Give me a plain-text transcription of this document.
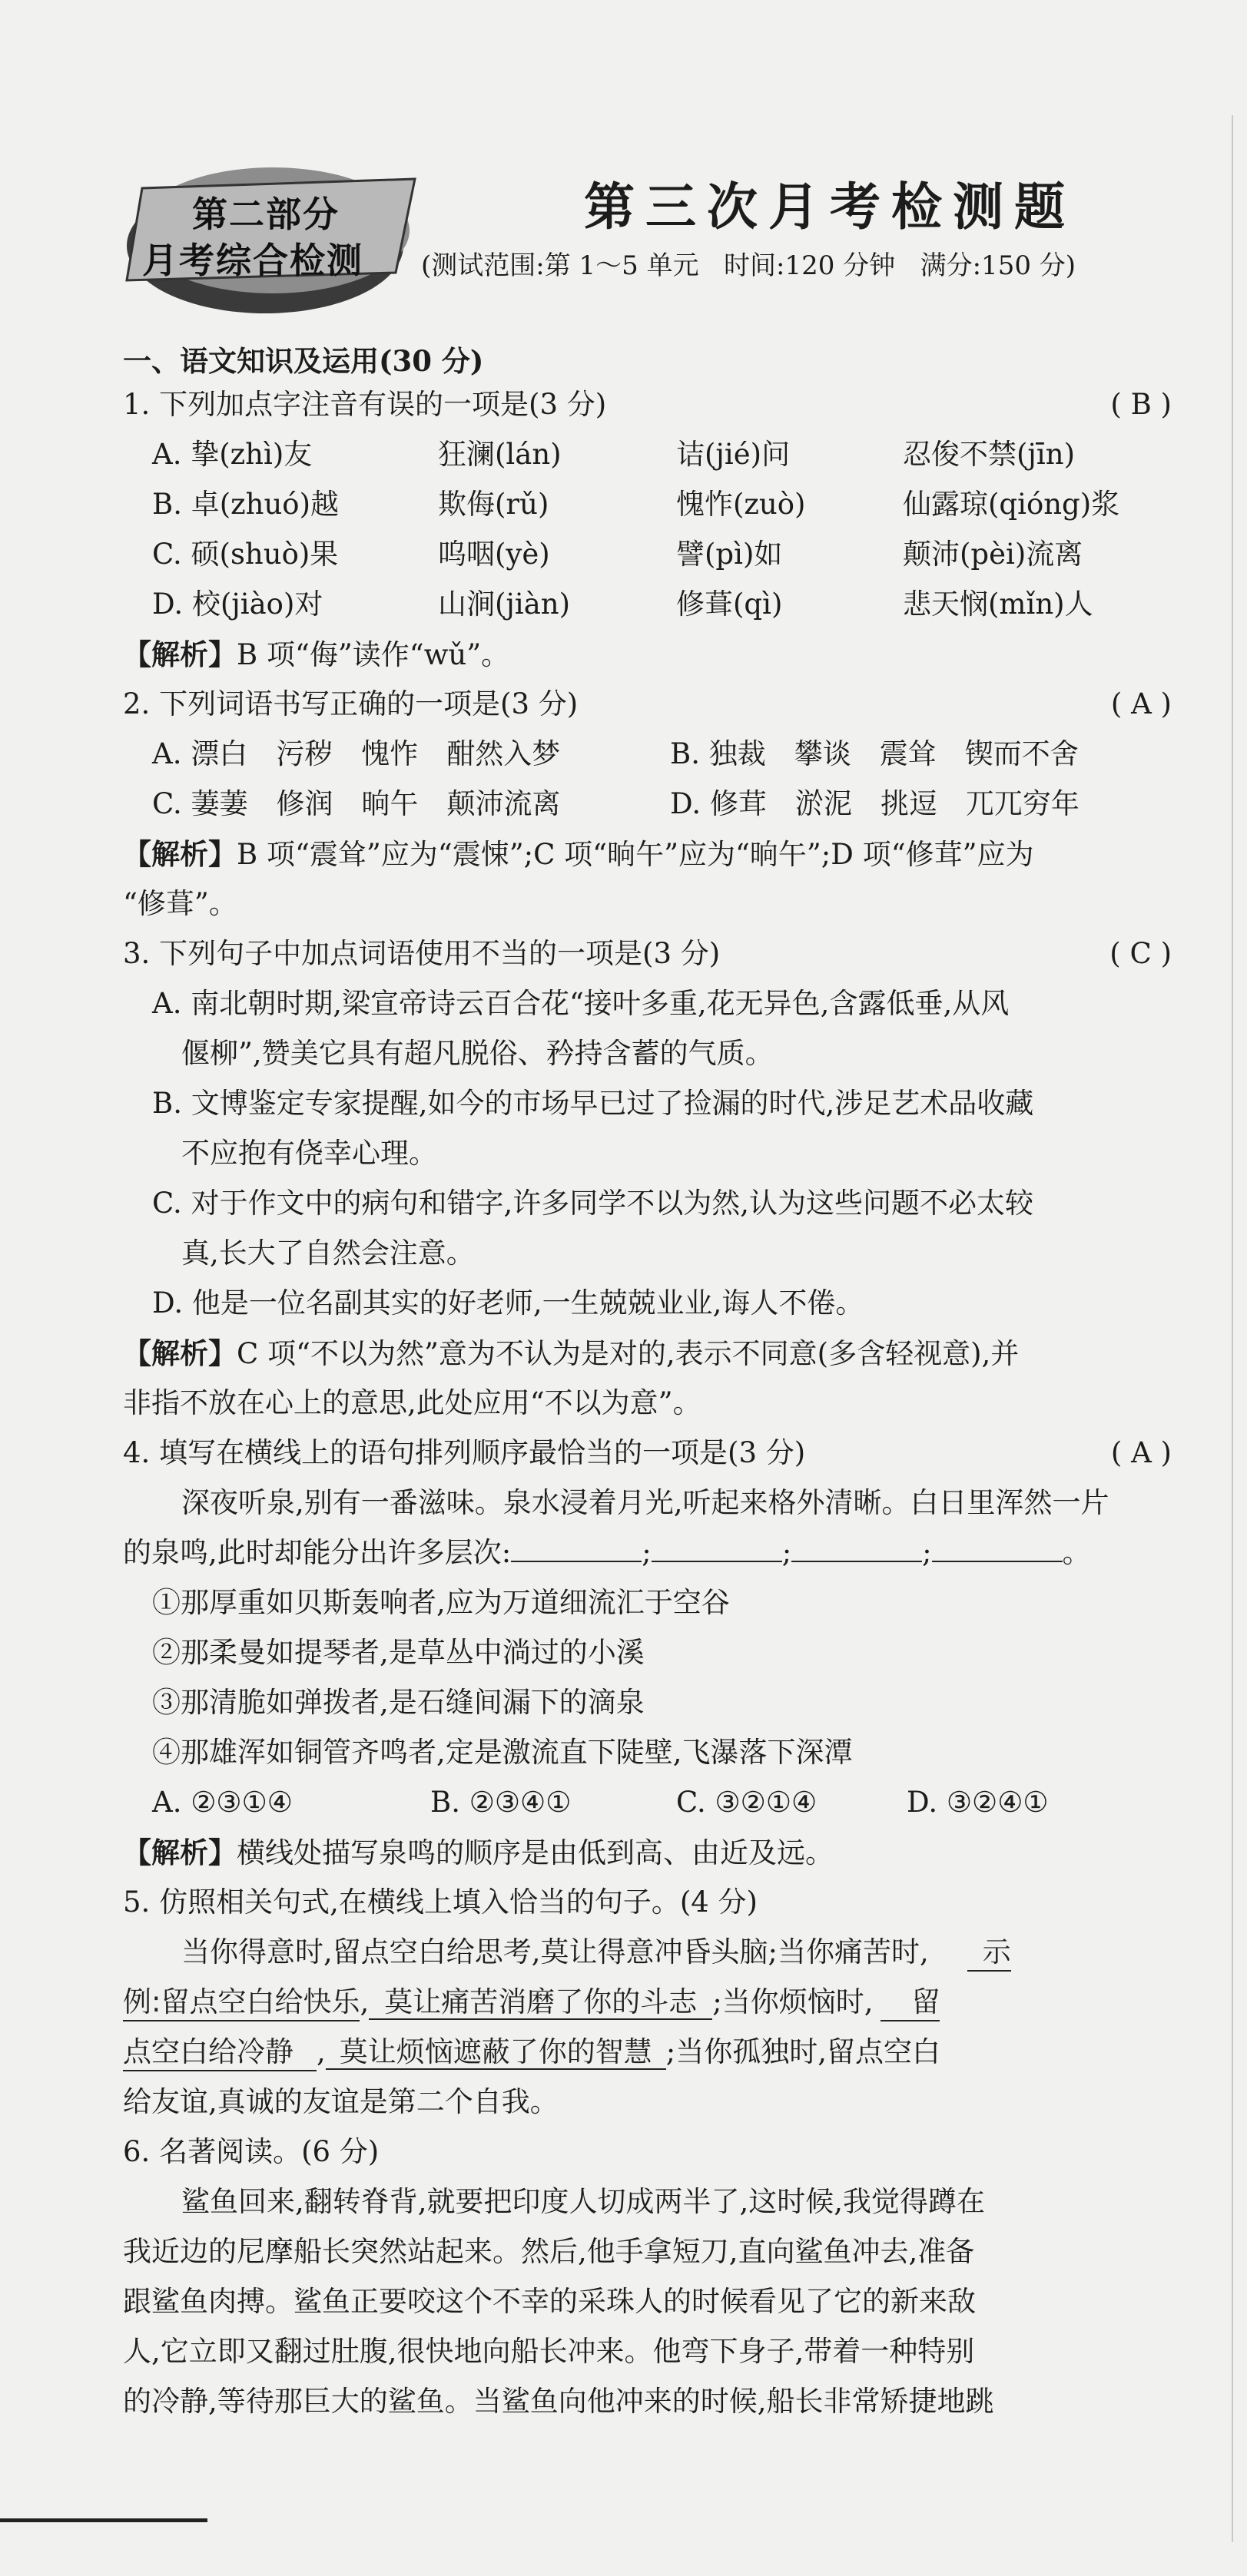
第二部分
月考综合检测
第三次月考检测题
(测试范围:第 1～5 单元   时间:120 分钟   满分:150 分)
一、语文知识及运用(30 分)
1. 下列加点字注音有误的一项是(3 分)	( B )
A. 挚(zhì)友	狂澜(lán)	诘(jié)问	忍俊不禁(jīn)
B. 卓(zhuó)越	欺侮(rǔ)	愧怍(zuò)	仙露琼(qióng)浆
C. 硕(shuò)果	呜咽(yè)	譬(pì)如	颠沛(pèi)流离
D. 校(jiào)对	山涧(jiàn)	修葺(qì)	悲天悯(mǐn)人
【解析】B 项“侮”读作“wǔ”。
2. 下列词语书写正确的一项是(3 分)	( A )
A. 漂白　污秽　愧怍　酣然入梦	B. 独裁　攀谈　震耸　锲而不舍
C. 萋萋　修润　晌午　颠沛流离	D. 修茸　淤泥　挑逗　兀兀穷年
【解析】B 项“震耸”应为“震悚”;C 项“晌午”应为“晌午”;D 项“修茸”应为
“修葺”。
3. 下列句子中加点词语使用不当的一项是(3 分)	( C )
A. 南北朝时期,梁宣帝诗云百合花“接叶多重,花无异色,含露低垂,从风
偃柳”,赞美它具有超凡脱俗、矜持含蓄的气质。
B. 文博鉴定专家提醒,如今的市场早已过了捡漏的时代,涉足艺术品收藏
不应抱有侥幸心理。
C. 对于作文中的病句和错字,许多同学不以为然,认为这些问题不必太较
真,长大了自然会注意。
D. 他是一位名副其实的好老师,一生兢兢业业,诲人不倦。
【解析】C 项“不以为然”意为不认为是对的,表示不同意(多含轻视意),并
非指不放在心上的意思,此处应用“不以为意”。
4. 填写在横线上的语句排列顺序最恰当的一项是(3 分)	( A )
深夜听泉,别有一番滋味。泉水浸着月光,听起来格外清晰。白日里浑然一片
的泉鸣,此时却能分出许多层次:	;	;	;	。
①那厚重如贝斯轰响者,应为万道细流汇于空谷
②那柔曼如提琴者,是草丛中淌过的小溪
③那清脆如弹拨者,是石缝间漏下的滴泉
④那雄浑如铜管齐鸣者,定是激流直下陡壁,飞瀑落下深潭
A. ②③①④	B. ②③④①	C. ③②①④	D. ③②④①
【解析】横线处描写泉鸣的顺序是由低到高、由近及远。
5. 仿照相关句式,在横线上填入恰当的句子。(4 分)
当你得意时,留点空白给思考,莫让得意冲昏头脑;当你痛苦时, 示
例:留点空白给快乐, 莫让痛苦消磨了你的斗志 ;当你烦恼时, 留
点空白给冷静 , 莫让烦恼遮蔽了你的智慧 ;当你孤独时,留点空白
给友谊,真诚的友谊是第二个自我。
6. 名著阅读。(6 分)
鲨鱼回来,翻转脊背,就要把印度人切成两半了,这时候,我觉得蹲在
我近边的尼摩船长突然站起来。然后,他手拿短刀,直向鲨鱼冲去,准备
跟鲨鱼肉搏。鲨鱼正要咬这个不幸的采珠人的时候看见了它的新来敌
人,它立即又翻过肚腹,很快地向船长冲来。他弯下身子,带着一种特别
的冷静,等待那巨大的鲨鱼。当鲨鱼向他冲来的时候,船长非常矫捷地跳
